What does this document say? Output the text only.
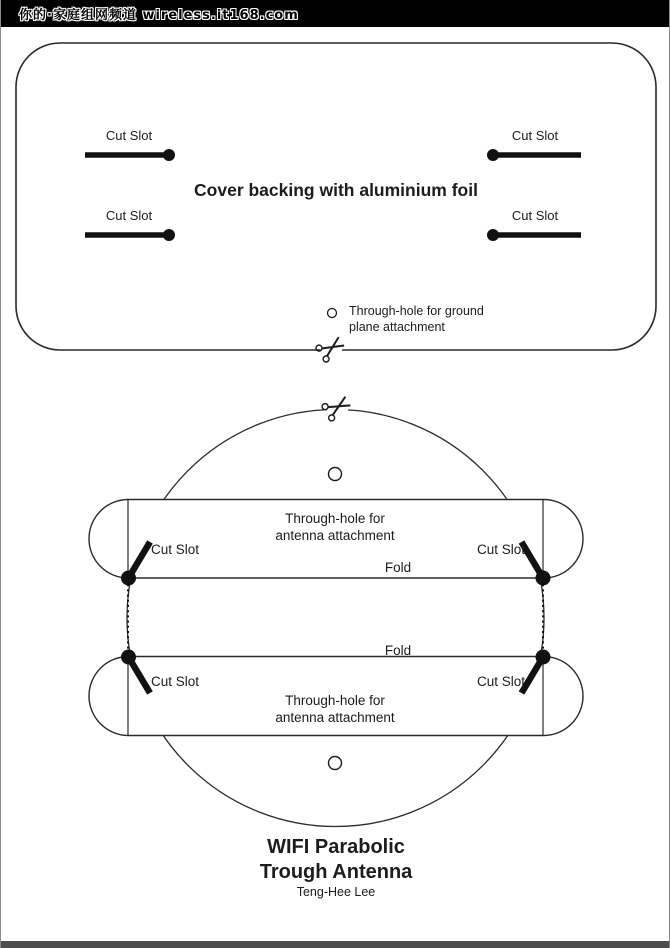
你的·家庭组网频道 wireless.it168.com
Cut Slot	Cut Slot
Cut Slot	Cut Slot
Cover backing with aluminium foil
Through-hole for ground
plane attachment
Through-hole for
antenna attachment
Cut Slot	Cut Slot
Fold
Fold
Cut Slot	Cut Slot
Through-hole for
antenna attachment
WIFI Parabolic
Trough Antenna
Teng-Hee Lee
